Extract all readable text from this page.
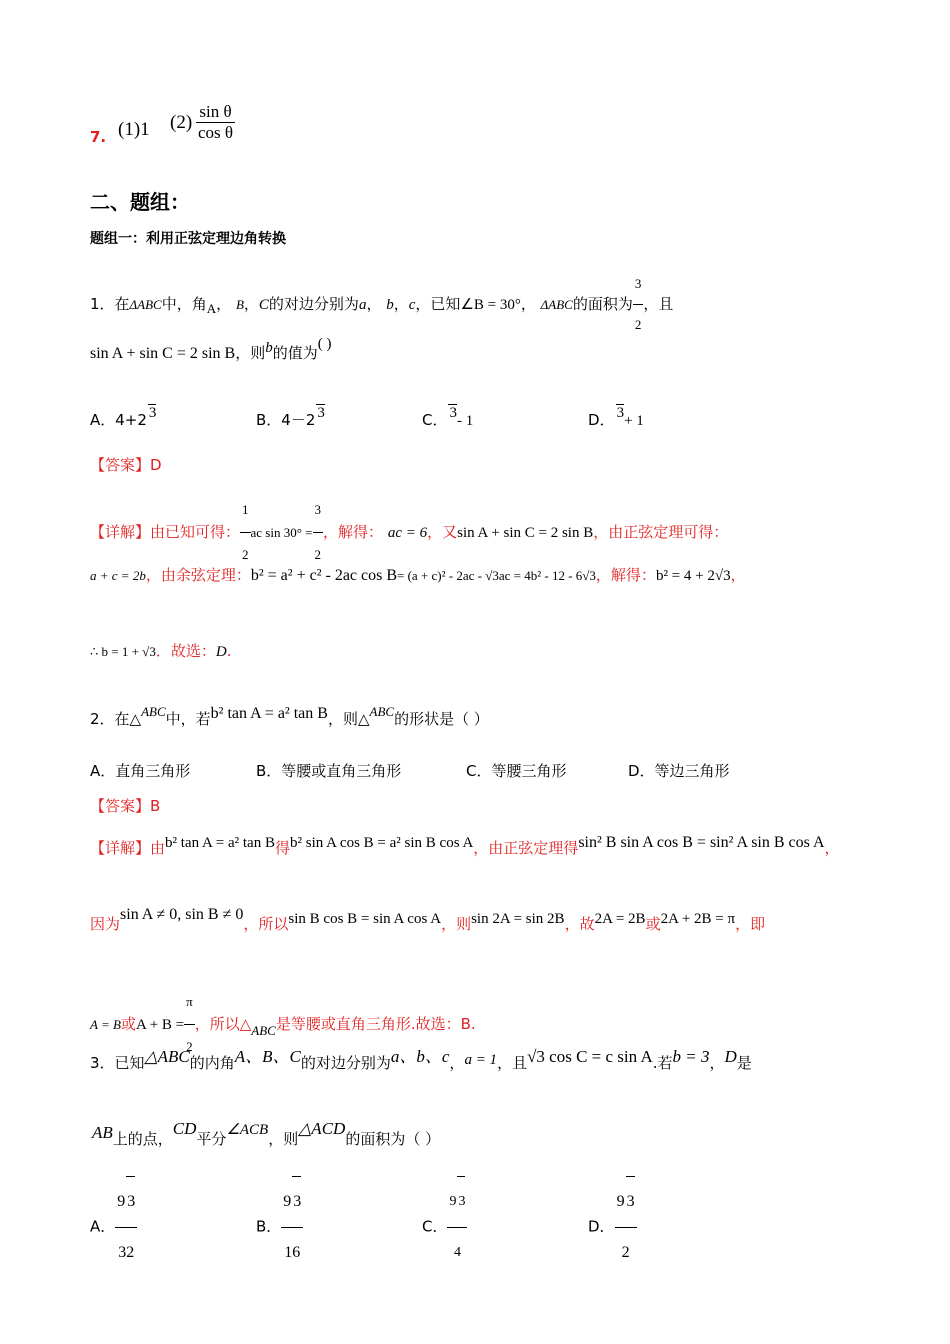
7. (1)1 $(2) \frac{\text{sin θ}}{\text{cos θ}}$
二、题组：
题组一：利用正弦定理边角转换
1．在ΔABC中，角A， B，C的对边分别为a， b，c，已知∠B = 30°， ΔABC的面积为 $\frac{3}{2}$ ，且
sin A + sin C = 2 sin B，则b的值为( )
A．4+2 3	B．4－2 3	C． 3- 1	D． 3+ 1
【答案】D
【详解】由已知可得： $\frac{1}{2}$ ac $\sin 30^\circ = \frac{3}{2}$ ，解得： ac = 6，又sin A + sin C = 2 sin B，由正弦定理可得：
a + c = 2b，由余弦定理：b² = a² + c² - 2ac cos B= (a + c)² - 2ac - √3ac = 4b² - 12 - 6√3，解得：b² = 4 + 2√3，
∴ b = 1 + √3．故选：D.
2．在△ABC中，若b² tan A = a² tan B，则△ABC的形状是（ ）
A．直角三角形	B．等腰或直角三角形	C．等腰三角形	D．等边三角形
【答案】B
【详解】由b² tan A = a² tan B得b² sin A cos B = a² sin B cos A，由正弦定理得sin² B sin A cos B = sin² A sin B cos A，
因为sin A ≠ 0, sin B ≠ 0，所以sin B cos B = sin A cos A，则sin 2A = sin 2B，故2A = 2B或2A + 2B = π，即
A = B或$A + B = \frac{\pi}{2}$ ，所以△ABC是等腰或直角三角形.故选：B.
3．已知△ABC的内角A、B、C的对边分别为a、b、c，a = 1，且√3 cos C = c sin A.若b = 3，D是
AB上的点，CD平分∠ACB，则△ACD的面积为（ ）
A． $\frac{9 3}{32}$	B． $\frac{9 3}{16}$	C． $\frac{9 3}{4}$	D． $\frac{9 3}{2}$
